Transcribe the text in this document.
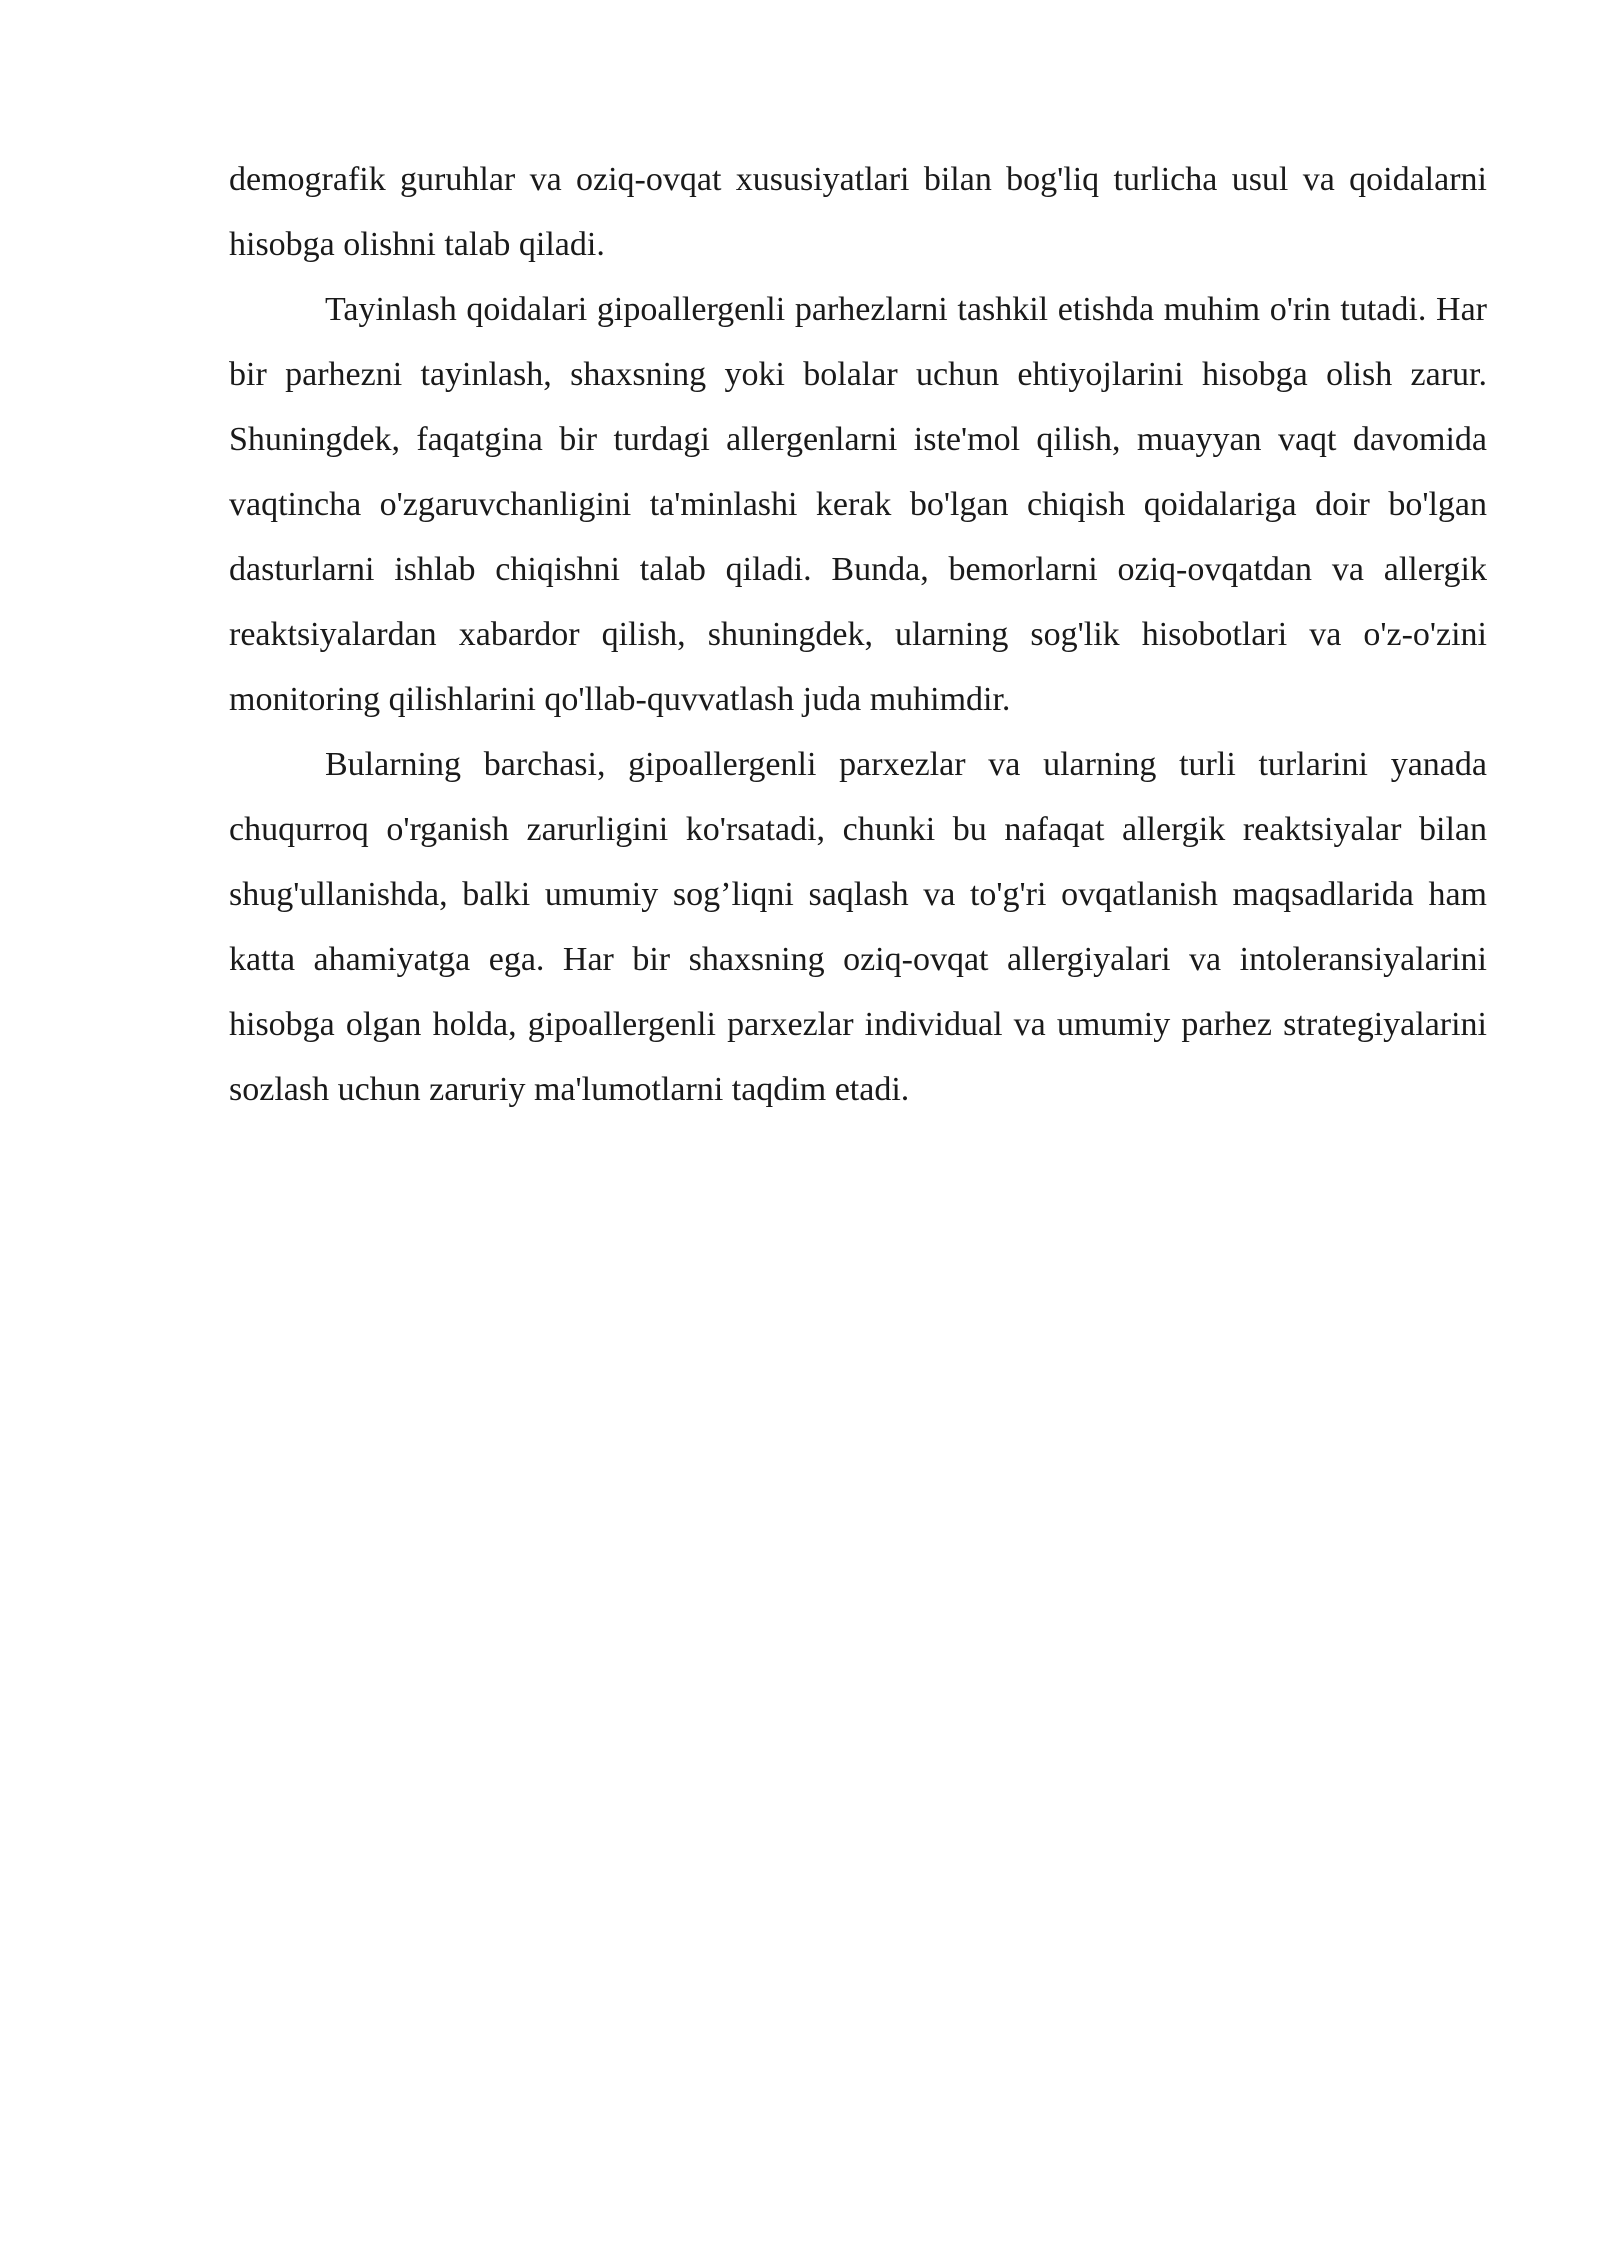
demografik guruhlar va oziq-ovqat xususiyatlari bilan bog'liq turlicha usul va qoidalarni hisobga olishni talab qiladi.

Tayinlash qoidalari gipoallergenli parhezlarni tashkil etishda muhim o'rin tutadi. Har bir parhezni tayinlash, shaxsning yoki bolalar uchun ehtiyojlarini hisobga olish zarur. Shuningdek, faqatgina bir turdagi allergenlarni iste'mol qilish, muayyan vaqt davomida vaqtincha o'zgaruvchanligini ta'minlashi kerak bo'lgan chiqish qoidalariga doir bo'lgan dasturlarni ishlab chiqishni talab qiladi. Bunda, bemorlarni oziq-ovqatdan va allergik reaktsiyalardan xabardor qilish, shuningdek, ularning sog'lik hisobotlari va o'z-o'zini monitoring qilishlarini qo'llab-quvvatlash juda muhimdir.

Bularning barchasi, gipoallergenli parxezlar va ularning turli turlarini yanada chuqurroq o'rganish zarurligini ko'rsatadi, chunki bu nafaqat allergik reaktsiyalar bilan shug'ullanishda, balki umumiy sog’liqni saqlash va to'g'ri ovqatlanish maqsadlarida ham katta ahamiyatga ega. Har bir shaxsning oziq-ovqat allergiyalari va intoleransiyalarini hisobga olgan holda, gipoallergenli parxezlar individual va umumiy parhez strategiyalarini sozlash uchun zaruriy ma'lumotlarni taqdim etadi.
